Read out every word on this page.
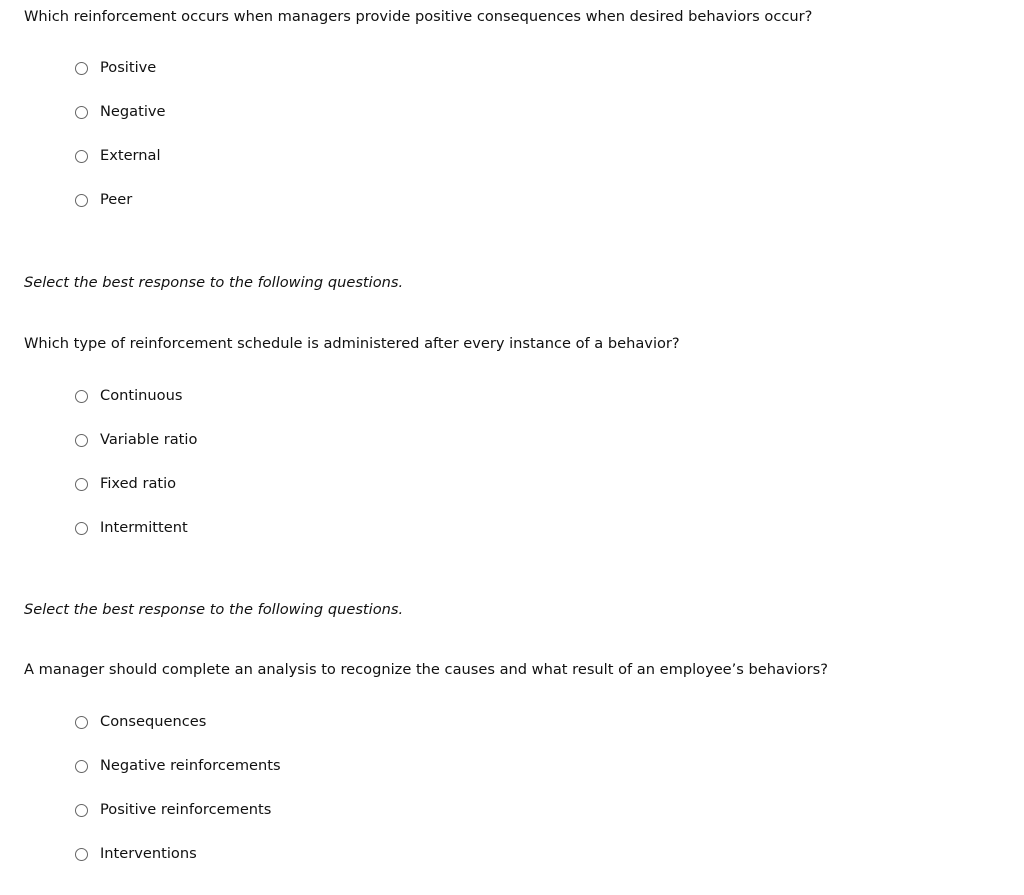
Which reinforcement occurs when managers provide positive consequences when desired behaviors occur?
Positive
Negative
External
Peer
Select the best response to the following questions.
Which type of reinforcement schedule is administered after every instance of a behavior?
Continuous
Variable ratio
Fixed ratio
Intermittent
Select the best response to the following questions.
A manager should complete an analysis to recognize the causes and what result of an employee’s behaviors?
Consequences
Negative reinforcements
Positive reinforcements
Interventions
